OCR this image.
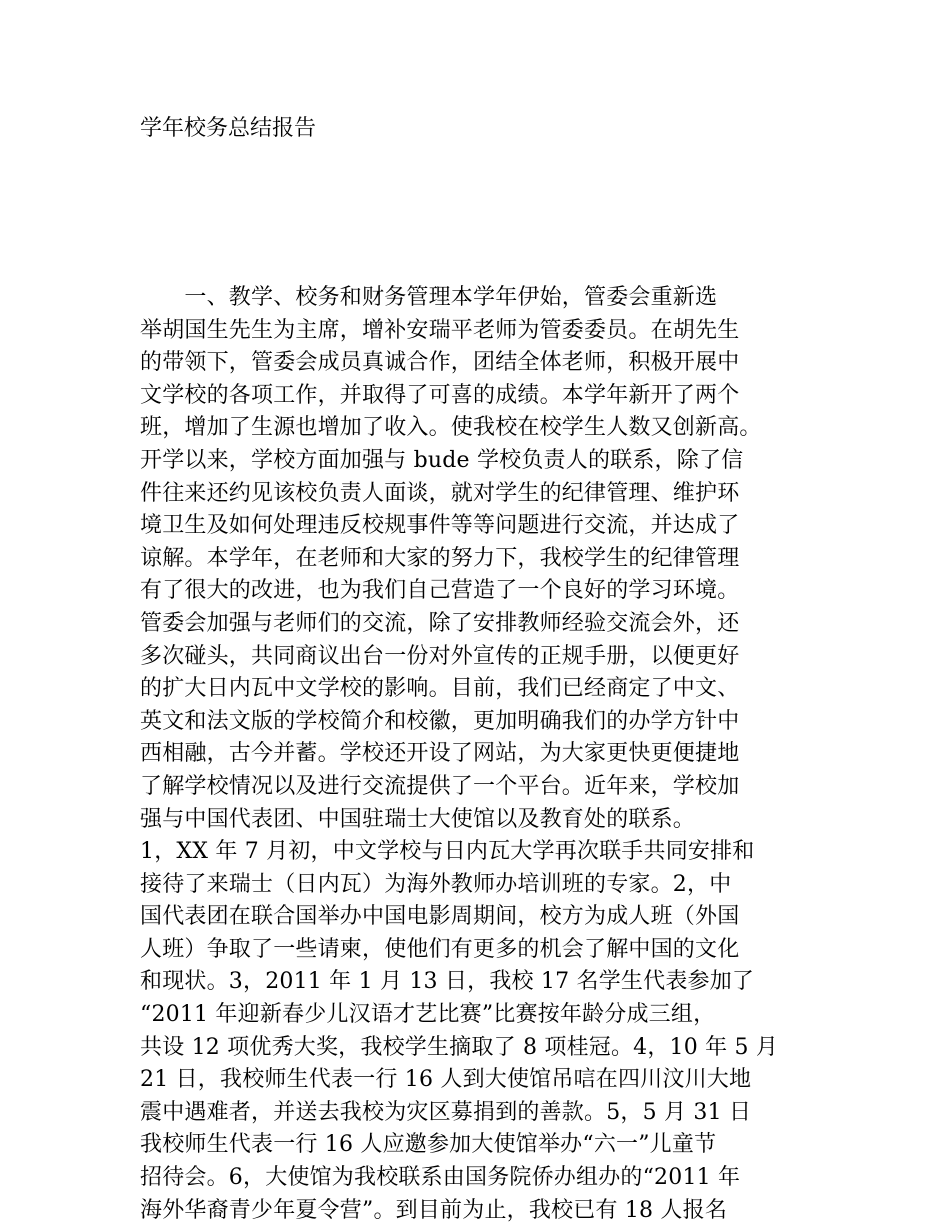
学年校务总结报告
　　一、教学、校务和财务管理本学年伊始，管委会重新选
举胡国生先生为主席，增补安瑞平老师为管委委员。在胡先生
的带领下，管委会成员真诚合作，团结全体老师，积极开展中
文学校的各项工作，并取得了可喜的成绩。本学年新开了两个
班，增加了生源也增加了收入。使我校在校学生人数又创新高。
开学以来，学校方面加强与 bude 学校负责人的联系，除了信
件往来还约见该校负责人面谈，就对学生的纪律管理、维护环
境卫生及如何处理违反校规事件等等问题进行交流，并达成了
谅解。本学年，在老师和大家的努力下，我校学生的纪律管理
有了很大的改进，也为我们自己营造了一个良好的学习环境。
管委会加强与老师们的交流，除了安排教师经验交流会外，还
多次碰头，共同商议出台一份对外宣传的正规手册，以便更好
的扩大日内瓦中文学校的影响。目前，我们已经商定了中文、
英文和法文版的学校简介和校徽，更加明确我们的办学方针中
西相融，古今并蓄。学校还开设了网站，为大家更快更便捷地
了解学校情况以及进行交流提供了一个平台。近年来，学校加
强与中国代表团、中国驻瑞士大使馆以及教育处的联系。
1，XX 年 7 月初，中文学校与日内瓦大学再次联手共同安排和
接待了来瑞士（日内瓦）为海外教师办培训班的专家。2，中
国代表团在联合国举办中国电影周期间，校方为成人班（外国
人班）争取了一些请柬，使他们有更多的机会了解中国的文化
和现状。3，2011 年 1 月 13 日，我校 17 名学生代表参加了
“2011 年迎新春少儿汉语才艺比赛”比赛按年龄分成三组，
共设 12 项优秀大奖，我校学生摘取了 8 项桂冠。4，10 年 5 月
21 日，我校师生代表一行 16 人到大使馆吊唁在四川汶川大地
震中遇难者，并送去我校为灾区募捐到的善款。5，5 月 31 日
我校师生代表一行 16 人应邀参加大使馆举办“六一”儿童节
招待会。6，大使馆为我校联系由国务院侨办组办的“2011 年
海外华裔青少年夏令营”。到目前为止，我校已有 18 人报名
